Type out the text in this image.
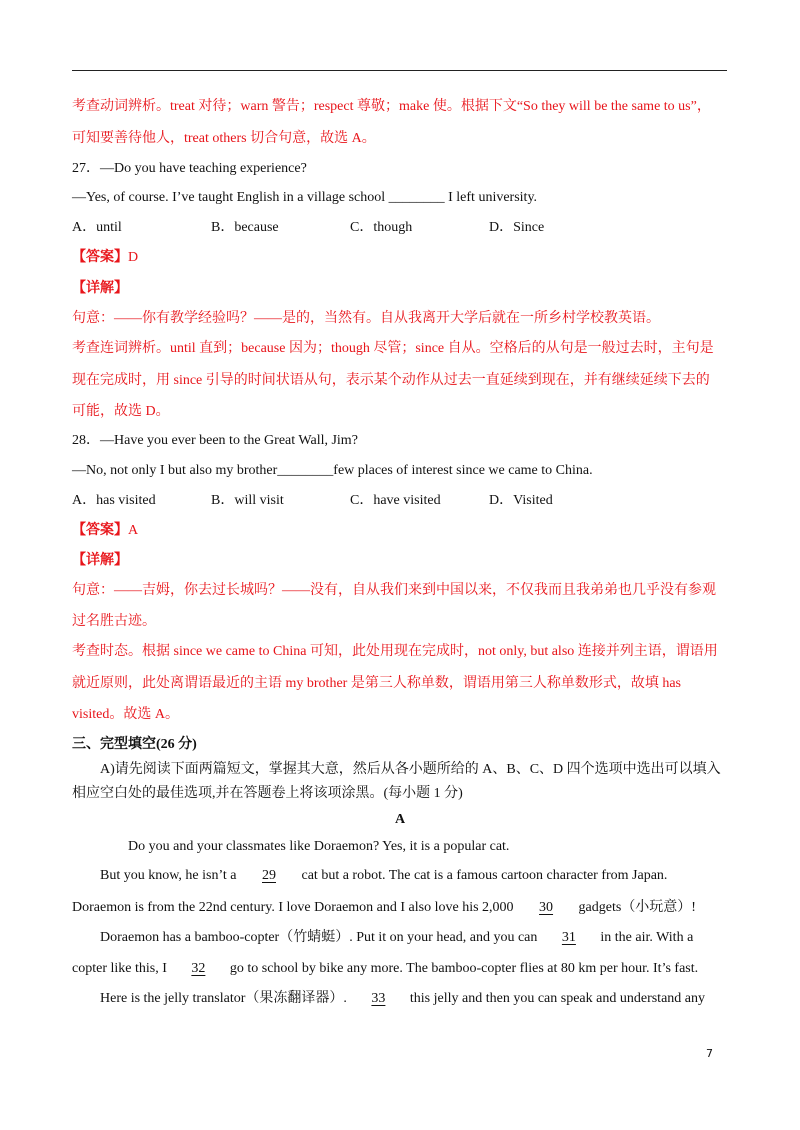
考查动词辨析。treat 对待；warn 警告；respect 尊敬；make 使。根据下文“So they will be the same to us”，
可知要善待他人，treat others 切合句意，故选 A。
27．—Do you have teaching experience?
—Yes, of course. I’ve taught English in a village school ________ I left university.
A．until	B．because	C．though	D．Since
【答案】D
【详解】
句意：——你有教学经验吗？——是的，当然有。自从我离开大学后就在一所乡村学校教英语。
考查连词辨析。until 直到；because 因为；though 尽管；since 自从。空格后的从句是一般过去时，主句是
现在完成时，用 since 引导的时间状语从句，表示某个动作从过去一直延续到现在，并有继续延续下去的
可能，故选 D。
28．—Have you ever been to the Great Wall, Jim?
—No, not only I but also my brother________few places of interest since we came to China.
A．has visited	B．will visit	C．have visited	D．Visited
【答案】A
【详解】
句意：——吉姆，你去过长城吗？——没有，自从我们来到中国以来，不仅我而且我弟弟也几乎没有参观
过名胜古迹。
考查时态。根据 since we came to China 可知，此处用现在完成时，not only, but also 连接并列主语，谓语用
就近原则，此处离谓语最近的主语 my brother 是第三人称单数，谓语用第三人称单数形式，故填 has
visited。故选 A。
三、完型填空(26 分)
A)请先阅读下面两篇短文，掌握其大意，然后从各小题所给的 A、B、C、D 四个选项中选出可以填入
相应空白处的最佳选项,并在答题卷上将该项涂黑。(每小题 1 分)
A
Do you and your classmates like Doraemon? Yes, it is a popular cat.
But you know, he isn’t a 29 cat but a robot. The cat is a famous cartoon character from Japan.
Doraemon is from the 22nd century. I love Doraemon and I also love his 2,000 30 gadgets（小玩意）!
Doraemon has a bamboo-copter（竹蜻蜓）. Put it on your head, and you can 31 in the air. With a
copter like this, I 32 go to school by bike any more. The bamboo-copter flies at 80 km per hour. It’s fast.
Here is the jelly translator（果冻翻译器）. 33 this jelly and then you can speak and understand any
7
